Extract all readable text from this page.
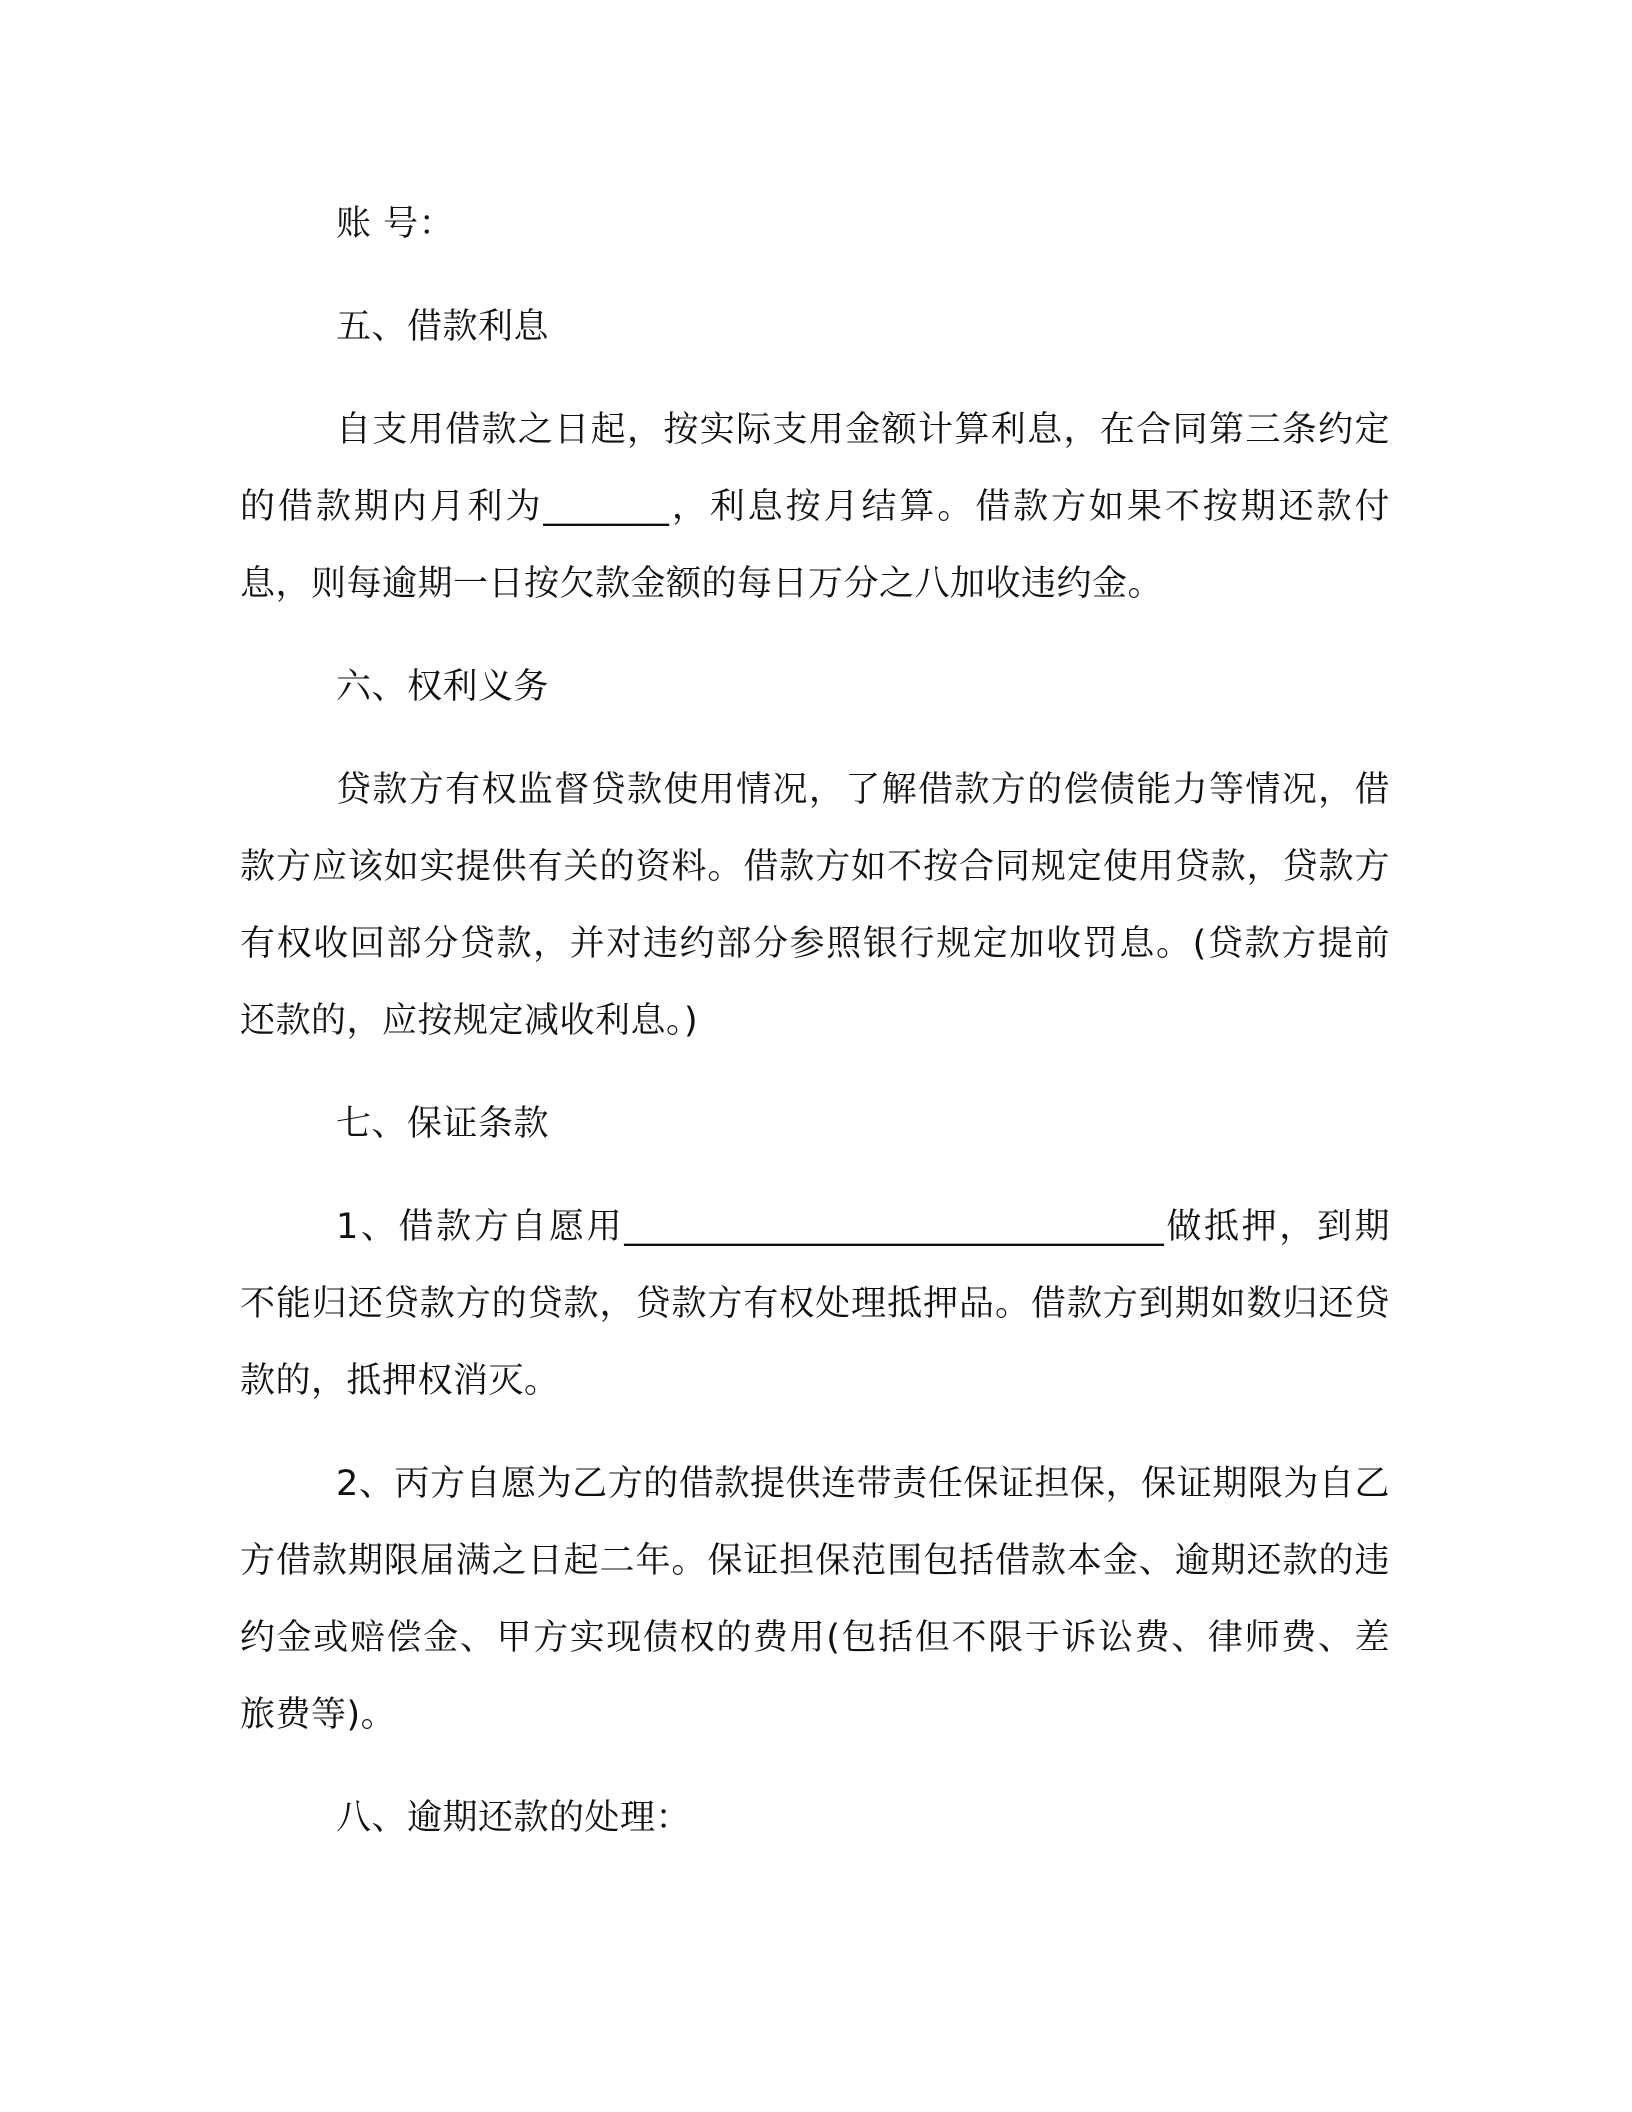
账 号：

五、借款利息

自支用借款之日起，按实际支用金额计算利息，在合同第三条约定的借款期内月利为_______，利息按月结算。借款方如果不按期还款付息，则每逾期一日按欠款金额的每日万分之八加收违约金。

六、权利义务

贷款方有权监督贷款使用情况，了解借款方的偿债能力等情况，借款方应该如实提供有关的资料。借款方如不按合同规定使用贷款，贷款方有权收回部分贷款，并对违约部分参照银行规定加收罚息。(贷款方提前还款的，应按规定减收利息。)

七、保证条款

1、借款方自愿用______________________________做抵押，到期不能归还贷款方的贷款，贷款方有权处理抵押品。借款方到期如数归还贷款的，抵押权消灭。

2、丙方自愿为乙方的借款提供连带责任保证担保，保证期限为自乙方借款期限届满之日起二年。保证担保范围包括借款本金、逾期还款的违约金或赔偿金、甲方实现债权的费用(包括但不限于诉讼费、律师费、差旅费等)。

八、逾期还款的处理：
